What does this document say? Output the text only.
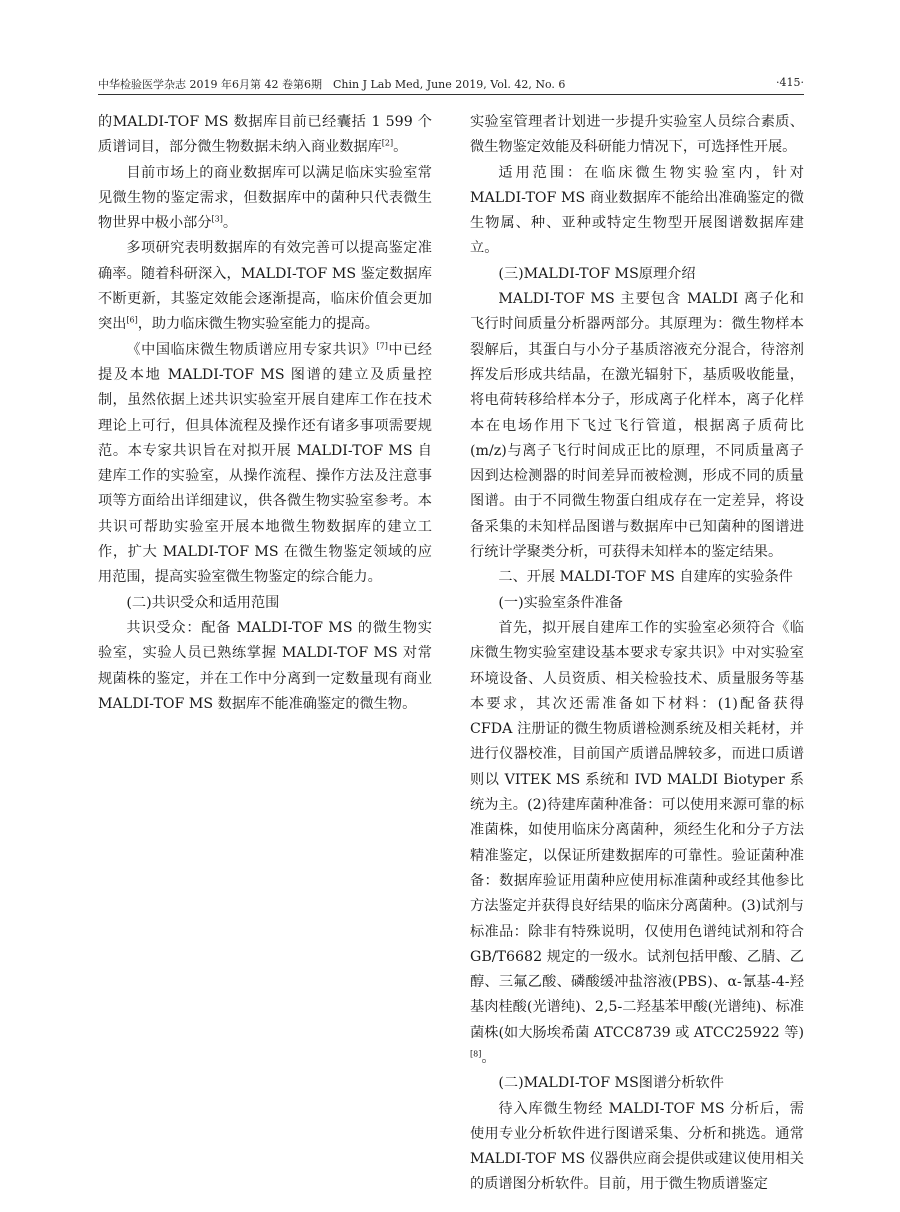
中华检验医学杂志 2019 年6月第 42 卷第6期　Chin J Lab Med, June 2019, Vol. 42, No. 6	·415·

的MALDI-TOF MS 数据库目前已经囊括 1 599 个质谱词目，部分微生物数据未纳入商业数据库[2]。

目前市场上的商业数据库可以满足临床实验室常见微生物的鉴定需求，但数据库中的菌种只代表微生物世界中极小部分[3]。

多项研究表明数据库的有效完善可以提高鉴定准确率。随着科研深入，MALDI-TOF MS 鉴定数据库不断更新，其鉴定效能会逐渐提高，临床价值会更加突出[6]，助力临床微生物实验室能力的提高。

《中国临床微生物质谱应用专家共识》[7]中已经提及本地 MALDI-TOF MS 图谱的建立及质量控制，虽然依据上述共识实验室开展自建库工作在技术理论上可行，但具体流程及操作还有诸多事项需要规范。本专家共识旨在对拟开展 MALDI-TOF MS 自建库工作的实验室，从操作流程、操作方法及注意事项等方面给出详细建议，供各微生物实验室参考。本共识可帮助实验室开展本地微生物数据库的建立工作，扩大 MALDI-TOF MS 在微生物鉴定领域的应用范围，提高实验室微生物鉴定的综合能力。

(二)共识受众和适用范围

共识受众：配备 MALDI-TOF MS 的微生物实验室，实验人员已熟练掌握 MALDI-TOF MS 对常规菌株的鉴定，并在工作中分离到一定数量现有商业 MALDI-TOF MS 数据库不能准确鉴定的微生物。

实验室管理者计划进一步提升实验室人员综合素质、微生物鉴定效能及科研能力情况下，可选择性开展。

适用范围：在临床微生物实验室内，针对 MALDI-TOF MS 商业数据库不能给出准确鉴定的微生物属、种、亚种或特定生物型开展图谱数据库建立。

(三)MALDI-TOF MS原理介绍

MALDI-TOF MS 主要包含 MALDI 离子化和飞行时间质量分析器两部分。其原理为：微生物样本裂解后，其蛋白与小分子基质溶液充分混合，待溶剂挥发后形成共结晶，在激光辐射下，基质吸收能量，将电荷转移给样本分子，形成离子化样本，离子化样本在电场作用下飞过飞行管道，根据离子质荷比(m/z)与离子飞行时间成正比的原理，不同质量离子因到达检测器的时间差异而被检测，形成不同的质量图谱。由于不同微生物蛋白组成存在一定差异，将设备采集的未知样品图谱与数据库中已知菌种的图谱进行统计学聚类分析，可获得未知样本的鉴定结果。

二、开展 MALDI-TOF MS 自建库的实验条件

(一)实验室条件准备

首先，拟开展自建库工作的实验室必须符合《临床微生物实验室建设基本要求专家共识》中对实验室环境设备、人员资质、相关检验技术、质量服务等基本要求，其次还需准备如下材料：(1)配备获得 CFDA 注册证的微生物质谱检测系统及相关耗材，并进行仪器校准，目前国产质谱品牌较多，而进口质谱则以 VITEK MS 系统和 IVD MALDI Biotyper 系统为主。(2)待建库菌种准备：可以使用来源可靠的标准菌株，如使用临床分离菌种，须经生化和分子方法精准鉴定，以保证所建数据库的可靠性。验证菌种准备：数据库验证用菌种应使用标准菌种或经其他参比方法鉴定并获得良好结果的临床分离菌种。(3)试剂与标准品：除非有特殊说明，仅使用色谱纯试剂和符合 GB/T6682 规定的一级水。试剂包括甲酸、乙腈、乙醇、三氟乙酸、磷酸缓冲盐溶液(PBS)、α-氰基-4-羟基肉桂酸(光谱纯)、2,5-二羟基苯甲酸(光谱纯)、标准菌株(如大肠埃希菌 ATCC8739 或 ATCC25922 等)[8]。

(二)MALDI-TOF MS图谱分析软件

待入库微生物经 MALDI-TOF MS 分析后，需使用专业分析软件进行图谱采集、分析和挑选。通常 MALDI-TOF MS 仪器供应商会提供或建议使用相关的质谱图分析软件。目前，用于微生物质谱鉴定
